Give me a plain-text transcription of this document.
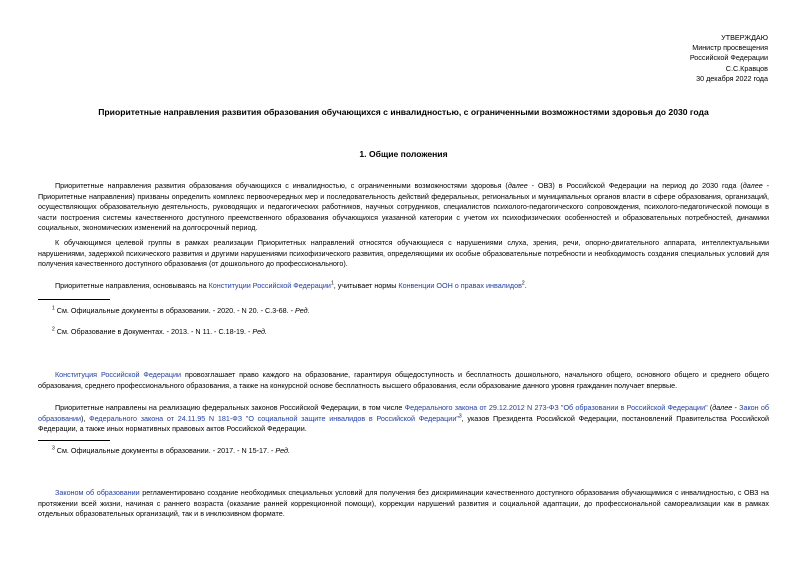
УТВЕРЖДАЮ
Министр просвещения
Российской Федерации
С.С.Кравцов
30 декабря 2022 года
Приоритетные направления развития образования обучающихся с инвалидностью, с ограниченными возможностями здоровья до 2030 года
1. Общие положения
Приоритетные направления развития образования обучающихся с инвалидностью, с ограниченными возможностями здоровья (далее - ОВЗ) в Российской Федерации на период до 2030 года (далее - Приоритетные направления) призваны определить комплекс первоочередных мер и последовательность действий федеральных, региональных и муниципальных органов власти в сфере образования, организаций, осуществляющих образовательную деятельность, руководящих и педагогических работников, научных сотрудников, специалистов психолого-педагогического сопровождения, психолого-педагогической помощи в части построения системы качественного доступного преемственного образования обучающихся указанной категории с учетом их психофизических особенностей и образовательных потребностей, динамики социальных, экономических изменений на долгосрочный период.
К обучающимся целевой группы в рамках реализации Приоритетных направлений относятся обучающиеся с нарушениями слуха, зрения, речи, опорно-двигательного аппарата, интеллектуальными нарушениями, задержкой психического развития и другими нарушениями психофизического развития, определяющими их особые образовательные потребности и необходимость создания специальных условий для получения качественного доступного образования (от дошкольного до профессионального).
Приоритетные направления, основываясь на Конституции Российской Федерации$^1$, учитывает нормы Конвенции ООН о правах инвалидов$^2$.
$^1$ См. Официальные документы в образовании. - 2020. - N 20. - С.3-68. - Ред.
$^2$ См. Образование в Документах. - 2013. - N 11. - С.18-19. - Ред.
Конституция Российской Федерации провозглашает право каждого на образование, гарантируя общедоступность и бесплатность дошкольного, начального общего, основного общего и среднего общего образования, среднего профессионального образования, а также на конкурсной основе бесплатность высшего образования, если образование данного уровня гражданин получает впервые.
Приоритетные направлены на реализацию федеральных законов Российской Федерации, в том числе Федерального закона от 29.12.2012 N 273-ФЗ "Об образовании в Российской Федерации" (далее - Закон об образовании), Федерального закона от 24.11.95 N 181-ФЗ "О социальной защите инвалидов в Российской Федерации"$^3$, указов Президента Российской Федерации, постановлений Правительства Российской Федерации, а также иных нормативных правовых актов Российской Федерации.
$^3$ См. Официальные документы в образовании. - 2017. - N 15-17. - Ред.
Законом об образовании регламентировано создание необходимых специальных условий для получения без дискриминации качественного доступного образования обучающимися с инвалидностью, с ОВЗ на протяжении всей жизни, начиная с раннего возраста (оказание ранней коррекционной помощи), коррекции нарушений развития и социальной адаптации, до профессиональной самореализации как в рамках отдельных образовательных организаций, так и в инклюзивном формате.
